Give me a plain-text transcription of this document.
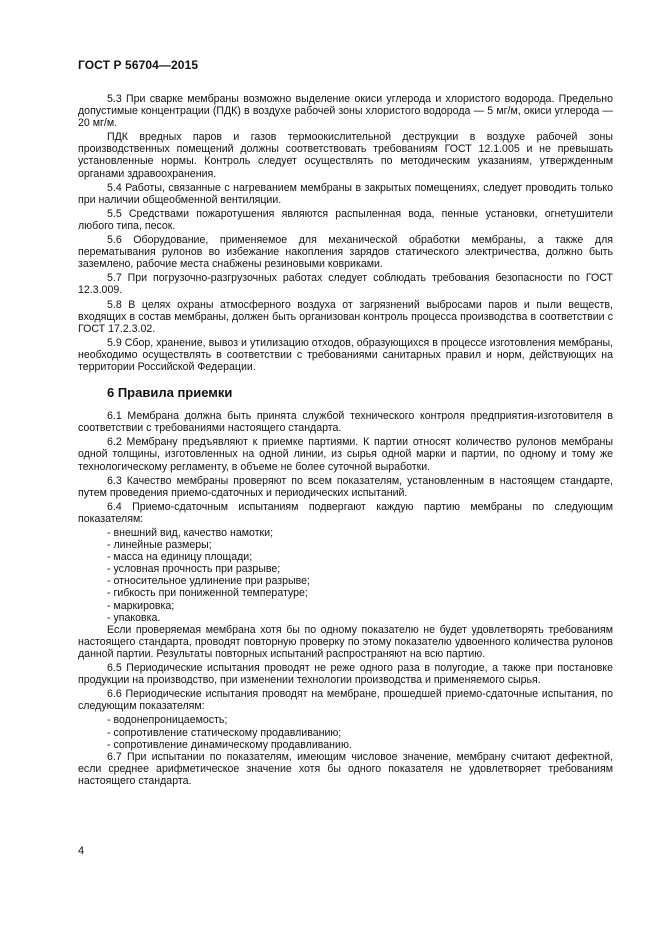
ГОСТ Р 56704—2015

5.3 При сварке мембраны возможно выделение окиси углерода и хлористого водорода. Предельно допустимые концентрации (ПДК) в воздухе рабочей зоны хлористого водорода — 5 мг/м, окиси углерода — 20 мг/м.

ПДК вредных паров и газов термоокислительной деструкции в воздухе рабочей зоны производственных помещений должны соответствовать требованиям ГОСТ 12.1.005 и не превышать установленные нормы. Контроль следует осуществлять по методическим указаниям, утвержденным органами здравоохранения.

5.4 Работы, связанные с нагреванием мембраны в закрытых помещениях, следует проводить только при наличии общеобменной вентиляции.

5.5 Средствами пожаротушения являются распыленная вода, пенные установки, огнетушители любого типа, песок.

5.6 Оборудование, применяемое для механической обработки мембраны, а также для перематывания рулонов во избежание накопления зарядов статического электричества, должно быть заземлено, рабочие места снабжены резиновыми ковриками.

5.7 При погрузочно-разгрузочных работах следует соблюдать требования безопасности по ГОСТ 12.3.009.

5.8 В целях охраны атмосферного воздуха от загрязнений выбросами паров и пыли веществ, входящих в состав мембраны, должен быть организован контроль процесса производства в соответствии с ГОСТ 17.2.3.02.

5.9 Сбор, хранение, вывоз и утилизацию отходов, образующихся в процессе изготовления мембраны, необходимо осуществлять в соответствии с требованиями санитарных правил и норм, действующих на территории Российской Федерации.

6 Правила приемки

6.1 Мембрана должна быть принята службой технического контроля предприятия-изготовителя в соответствии с требованиями настоящего стандарта.

6.2 Мембрану предъявляют к приемке партиями. К партии относят количество рулонов мембраны одной толщины, изготовленных на одной линии, из сырья одной марки и партии, по одному и тому же технологическому регламенту, в объеме не более суточной выработки.

6.3 Качество мембраны проверяют по всем показателям, установленным в настоящем стандарте, путем проведения приемо-сдаточных и периодических испытаний.

6.4 Приемо-сдаточным испытаниям подвергают каждую партию мембраны по следующим показателям:

- внешний вид, качество намотки;
- линейные размеры;
- масса на единицу площади;
- условная прочность при разрыве;
- относительное удлинение при разрыве;
- гибкость при пониженной температуре;
- маркировка;
- упаковка.

Если проверяемая мембрана хотя бы по одному показателю не будет удовлетворять требованиям настоящего стандарта, проводят повторную проверку по этому показателю удвоенного количества рулонов данной партии. Результаты повторных испытаний распространяют на всю партию.

6.5 Периодические испытания проводят не реже одного раза в полугодие, а также при постановке продукции на производство, при изменении технологии производства и применяемого сырья.

6.6 Периодические испытания проводят на мембране, прошедшей приемо-сдаточные испытания, по следующим показателям:

- водонепроницаемость;
- сопротивление статическому продавливанию;
- сопротивление динамическому продавливанию.

6.7 При испытании по показателям, имеющим числовое значение, мембрану считают дефектной, если среднее арифметическое значение хотя бы одного показателя не удовлетворяет требованиям настоящего стандарта.

4
